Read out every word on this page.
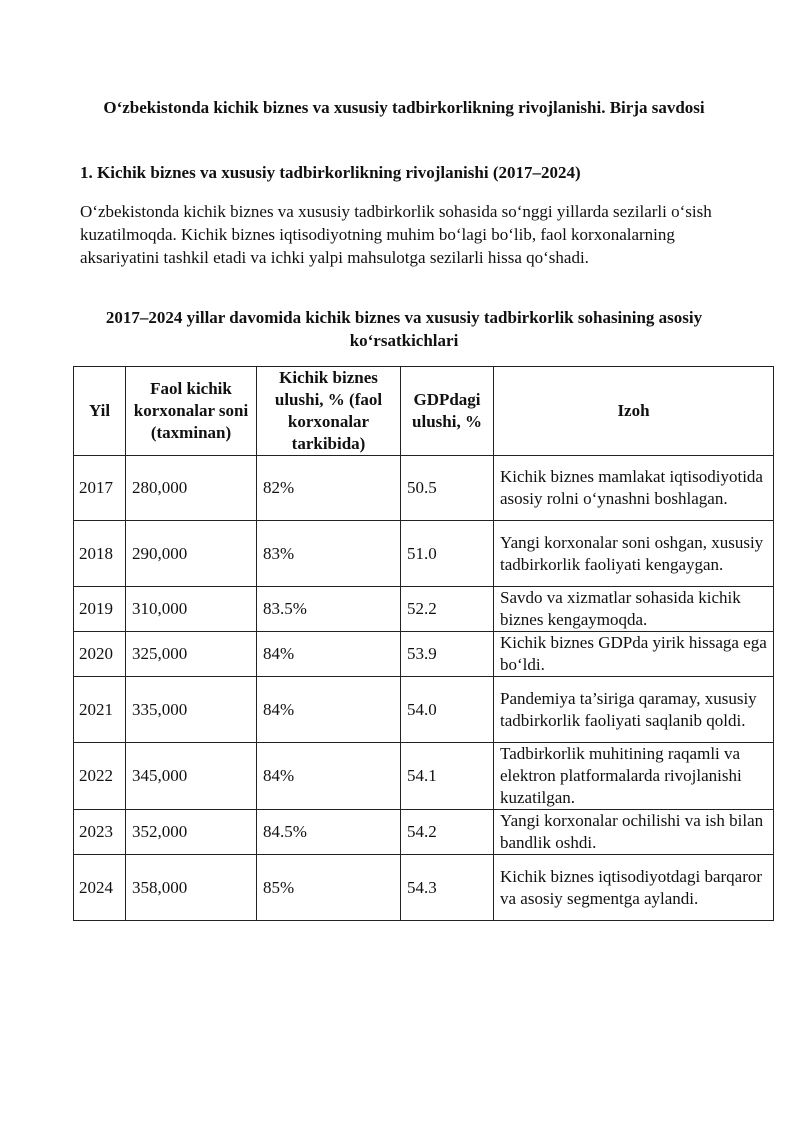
O‘zbekistonda kichik biznes va xususiy tadbirkorlikning rivojlanishi. Birja savdosi
1. Kichik biznes va xususiy tadbirkorlikning rivojlanishi (2017–2024)

O‘zbekistonda kichik biznes va xususiy tadbirkorlik sohasida so‘nggi yillarda sezilarli o‘sish kuzatilmoqda. Kichik biznes iqtisodiyotning muhim bo‘lagi bo‘lib, faol korxonalarning aksariyatini tashkil etadi va ichki yalpi mahsulotga sezilarli hissa qo‘shadi.

2017–2024 yillar davomida kichik biznes va xususiy tadbirkorlik sohasining asosiy ko‘rsatkichlari
Yil	Faol kichik korxonalar soni (taxminan)	Kichik biznes ulushi, % (faol korxonalar tarkibida)	GDPdagi ulushi, %	Izoh
2017	280,000	82%	50.5	Kichik biznes mamlakat iqtisodiyotida asosiy rolni o‘ynashni boshlagan.
2018	290,000	83%	51.0	Yangi korxonalar soni oshgan, xususiy tadbirkorlik faoliyati kengaygan.
2019	310,000	83.5%	52.2	Savdo va xizmatlar sohasida kichik biznes kengaymoqda.
2020	325,000	84%	53.9	Kichik biznes GDPda yirik hissaga ega bo‘ldi.
2021	335,000	84%	54.0	Pandemiya ta’siriga qaramay, xususiy tadbirkorlik faoliyati saqlanib qoldi.
2022	345,000	84%	54.1	Tadbirkorlik muhitining raqamli va elektron platformalarda rivojlanishi kuzatilgan.
2023	352,000	84.5%	54.2	Yangi korxonalar ochilishi va ish bilan bandlik oshdi.
2024	358,000	85%	54.3	Kichik biznes iqtisodiyotdagi barqaror va asosiy segmentga aylandi.
